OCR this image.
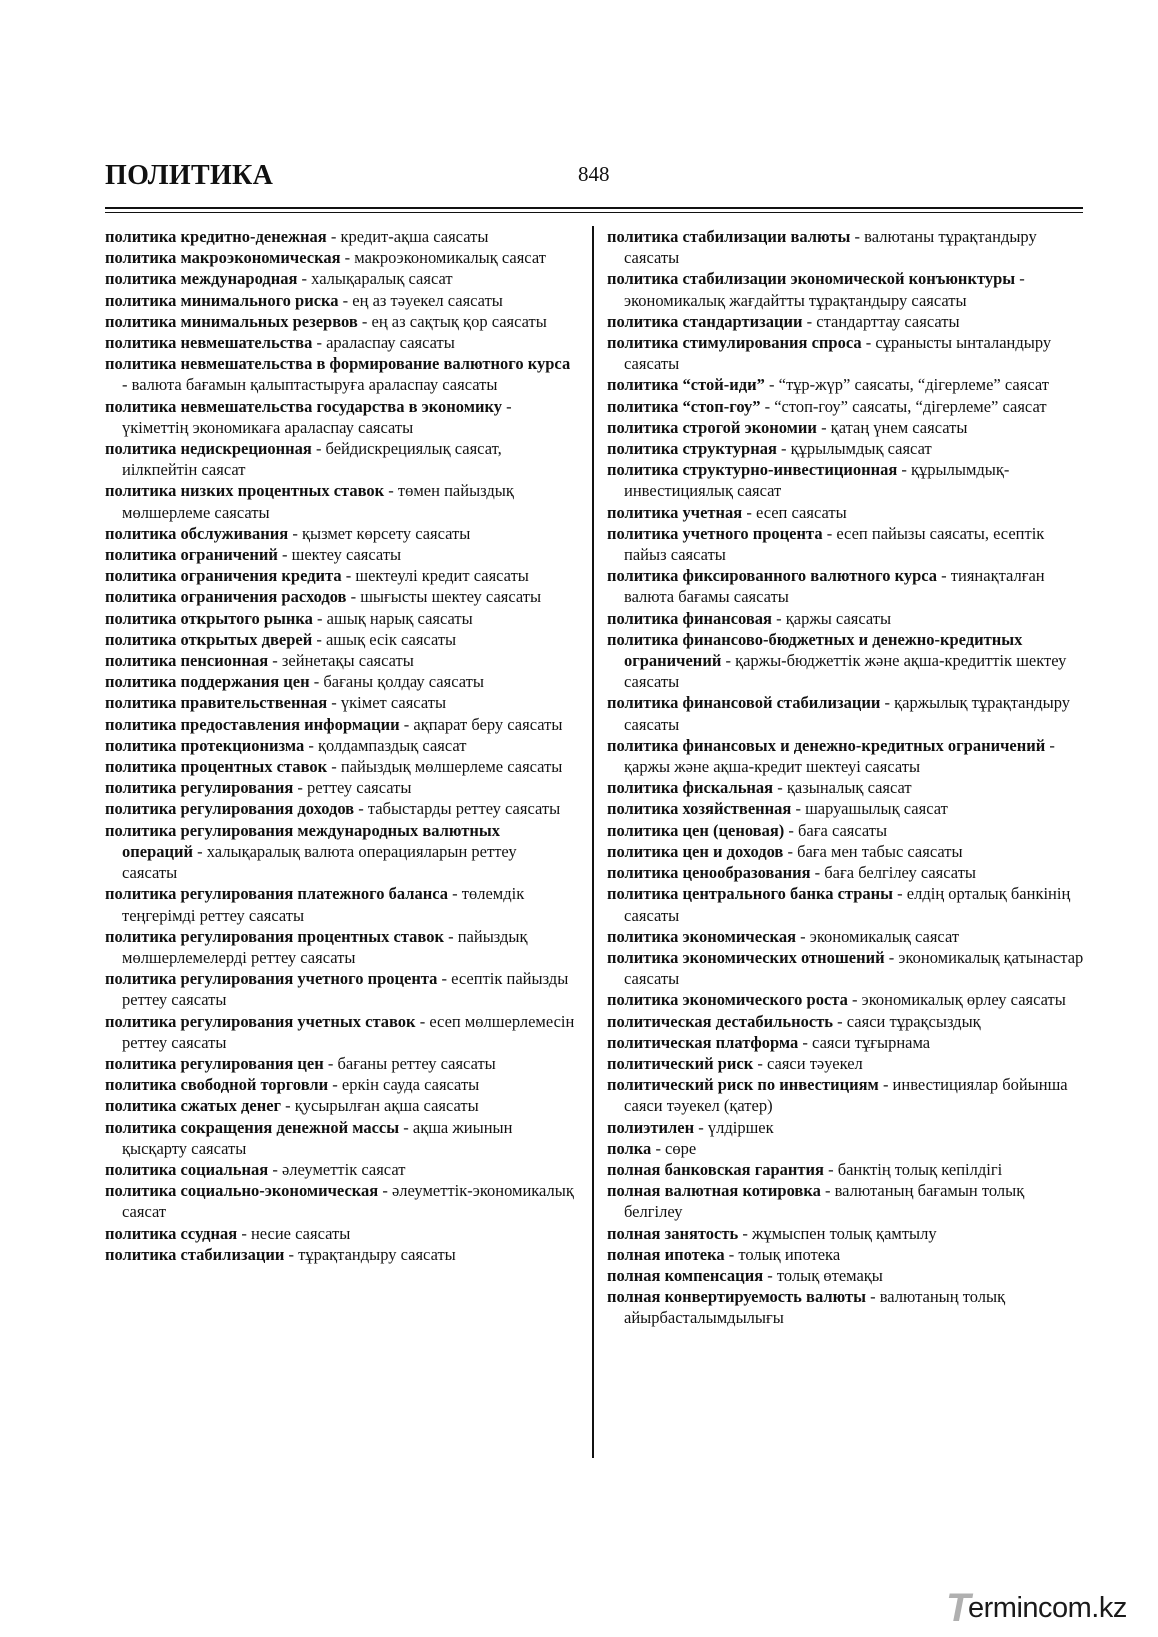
ПОЛИТИКА	848

политика кредитно-денежная - кредит-ақша саясаты

политика макроэкономическая - макроэкономикалық саясат

политика международная - халықаралық саясат

политика минимального риска - ең аз тәуекел саясаты

политика минимальных резервов - ең аз сақтық қор саясаты

политика невмешательства - араласпау саясаты

политика невмешательства в формирование валютного курса - валюта бағамын қалыптастыруға араласпау саясаты

политика невмешательства государства в экономику - үкіметтің экономикаға араласпау саясаты

политика недискреционная - бейдискрециялық саясат, иілкпейтін саясат

политика низких процентных ставок - төмен пайыздық мөлшерлеме саясаты

политика обслуживания - қызмет көрсету саясаты

политика ограничений - шектеу саясаты

политика ограничения кредита - шектеулі кредит саясаты

политика ограничения расходов - шығысты шектеу саясаты

политика открытого рынка - ашық нарық саясаты

политика открытых дверей - ашық есік саясаты

политика пенсионная - зейнетақы саясаты

политика поддержания цен - бағаны қолдау саясаты

политика правительственная - үкімет саясаты

политика предоставления информации - ақпарат беру саясаты

политика протекционизма - қолдампаздық саясат

политика процентных ставок - пайыздық мөлшерлеме саясаты

политика регулирования - реттеу саясаты

политика регулирования доходов - табыстарды реттеу саясаты

политика регулирования международных валютных операций - халықаралық валюта операцияларын реттеу саясаты

политика регулирования платежного баланса - төлемдік теңгерімді реттеу саясаты

политика регулирования процентных ставок - пайыздық мөлшерлемелерді реттеу саясаты

политика регулирования учетного процента - есептік пайызды реттеу саясаты

политика регулирования учетных ставок - есеп мөлшерлемесін реттеу саясаты

политика регулирования цен - бағаны реттеу саясаты

политика свободной торговли - еркін сауда саясаты

политика сжатых денег - қусырылған ақша саясаты

политика сокращения денежной массы - ақша жиынын қысқарту саясаты

политика социальная - әлеуметтік саясат

политика социально-экономическая - әлеуметтік-экономикалық саясат

политика ссудная - несие саясаты

политика стабилизации - тұрақтандыру саясаты

политика стабилизации валюты - валютаны тұрақтандыру саясаты

политика стабилизации экономической конъюнктуры - экономикалық жағдайтты тұрақтандыру саясаты

политика стандартизации - стандарттау саясаты

политика стимулирования спроса - сұранысты ынталандыру саясаты

политика “стой-иди” - “тұр-жүр” саясаты, “дігерлеме” саясат

политика “стоп-гоу” - “стоп-гоу” саясаты, “дігерлеме” саясат

политика строгой экономии - қатаң үнем саясаты

политика структурная - құрылымдық саясат

политика структурно-инвестиционная - құрылымдық-инвестициялық саясат

политика учетная - есеп саясаты

политика учетного процента - есеп пайызы саясаты, есептік пайыз саясаты

политика фиксированного валютного курса - тиянақталған валюта бағамы саясаты

политика финансовая - қаржы саясаты

политика финансово-бюджетных и денежно-кредитных ограничений - қаржы-бюджеттік және ақша-кредиттік шектеу саясаты

политика финансовой стабилизации - қаржылық тұрақтандыру саясаты

политика финансовых и денежно-кредитных ограничений - қаржы және ақша-кредит шектеуі саясаты

политика фискальная - қазыналық саясат

политика хозяйственная - шаруашылық саясат

политика цен (ценовая) - баға саясаты

политика цен и доходов - баға мен табыс саясаты

политика ценообразования - баға белгілеу саясаты

политика центрального банка страны - елдің орталық банкінің саясаты

политика экономическая - экономикалық саясат

политика экономических отношений - экономикалық қатынастар саясаты

политика экономического роста - экономикалық өрлеу саясаты

политическая дестабильность - саяси тұрақсыздық

политическая платформа - саяси тұғырнама

политический риск - саяси тәуекел

политический риск по инвестициям - инвестициялар бойынша саяси тәуекел (қатер)

полиэтилен - үлдіршек

полка - сөре

полная банковская гарантия - банктің толық кепілдігі

полная валютная котировка - валютаның бағамын толық белгілеу

полная занятость - жұмыспен толық қамтылу

полная ипотека - толық ипотека

полная компенсация - толық өтемақы

полная конвертируемость валюты - валютаның толық айырбасталымдылығы

T
ermincom.kz
